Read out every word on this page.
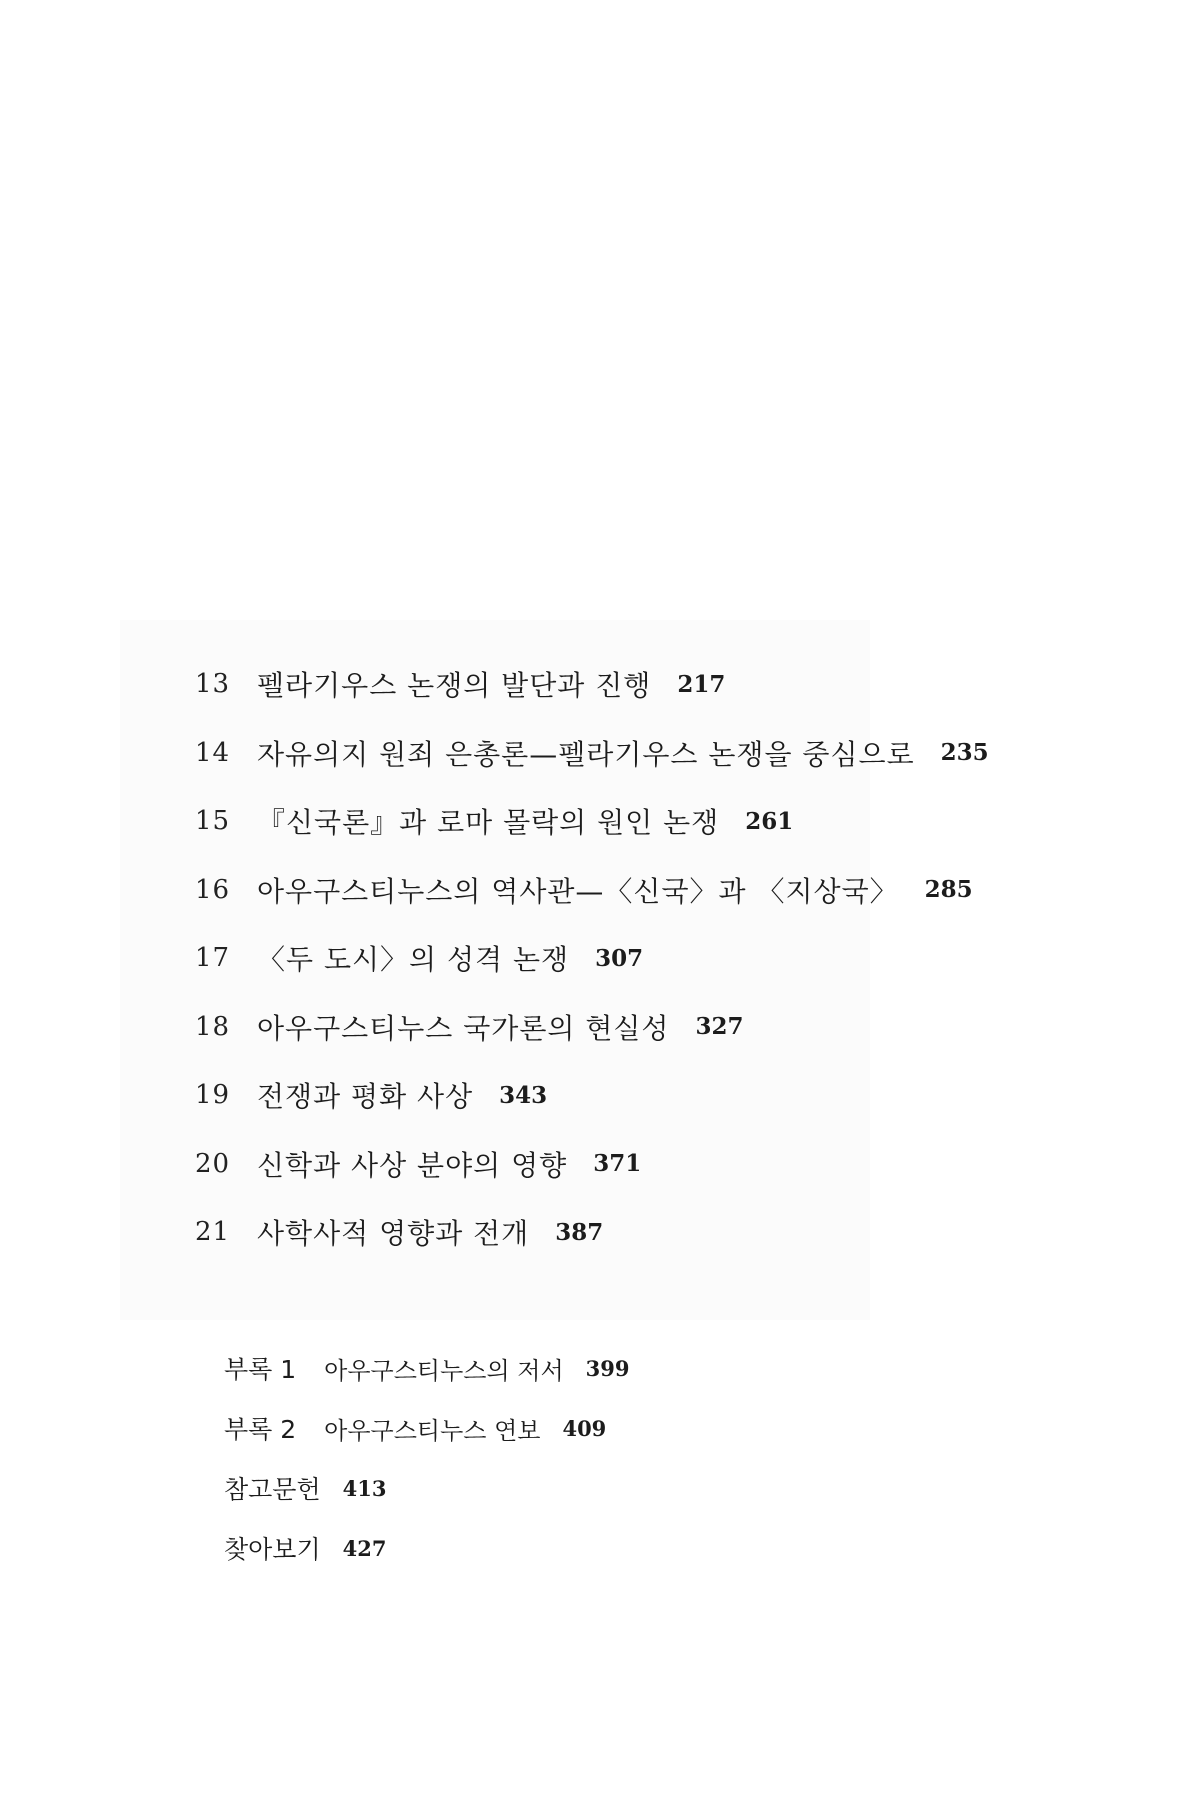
13 펠라기우스 논쟁의 발단과 진행 217
14 자유의지 원죄 은총론—펠라기우스 논쟁을 중심으로 235
15 『신국론』과 로마 몰락의 원인 논쟁 261
16 아우구스티누스의 역사관—〈신국〉과 〈지상국〉 285
17 〈두 도시〉의 성격 논쟁 307
18 아우구스티누스 국가론의 현실성 327
19 전쟁과 평화 사상 343
20 신학과 사상 분야의 영향 371
21 사학사적 영향과 전개 387
부록 1 아우구스티누스의 저서 399
부록 2 아우구스티누스 연보 409
참고문헌 413
찾아보기 427
